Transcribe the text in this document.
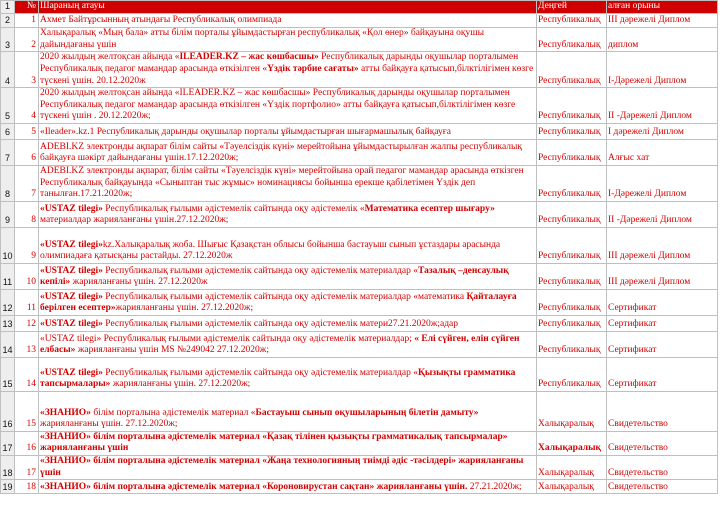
1	№	Шараның атауы	Деңгей	алған орыны
2	1	Ахмет Байтұрсынның атындағы Республикалық олимпиада	Республикалық	ІІІ дәрежелі Диплом
3	2	Халықаралық «Мың бала» атты білім порталы ұйымдастырған республикалық «Қол өнер» байқауына оқушы дайындағаны үшін	Республикалық	диплом
4	3	2020 жылдың желтоқсан айында «ILEADER.KZ – жас көшбасшы» Республикалық дарынды оқушылар порталымен Республикалық педагог мамандар арасында өткізілген «Үздік тәрбие сағаты» атты байқауға қатысып,білктілігімен көзге түскені үшін. 20.12.2020ж	Республикалық	І-Дәрежелі Диплом
5	4	2020 жылдың желтоқсан айында «ILEADER.KZ – жас көшбасшы» Республикалық дарынды оқушылар порталымен Республикалық педагог мамандар арасында өткізілген «Үздік портфолио» атты байқауға қатысып,білктілігімен көзге түскені үшін . 20.12.2020ж;	Республикалық	ІІ -Дәрежелі Диплом
6	5	«Ileader».kz.1 Республикалық дарынды оқушылар порталы ұйымдастырған шығармашылық байқауға	Республикалық	І дәрежелі Диплом
7	6	ADEBI.KZ электронды ақпарат білім сайты «Тәуелсіздік күні» мерейтойына ұйымдастырылған жалпы республикалық байқауға шәкірт дайындағаны үшін.17.12.2020ж;	Республикалық	Алғыс хат
8	7	ADEBI.KZ электронды ақпарат, білім сайты «Тәуелсіздік күні» мерейтойына орай педагог мамандар арасында өткізген Республикалық байқауында «Сыныптан тыс жұмыс» номинациясы бойынша ерекше қабілетімен Үздік деп танылған.17.21.2020ж;	Республикалық	І-Дәрежелі Диплом
9	8	«USTAZ tilegi» Республикалық ғылыми әдістемелік сайтында оқу әдістемелік «Математика есептер шығару» материалдар жарияланғаны үшін.27.12.2020ж;	Республикалық	ІІ -Дәрежелі Диплом
10	9	«USTAZ tilegi»kz.Халықаралық жоба. Шығыс Қазақстан облысы бойынша бастауыш сынып ұстаздары арасында олимпиадаға қатысқаны растайды. 27.12.2020ж	Республикалық	ІІІ дәрежелі Диплом
11	10	«USTAZ tilegi» Республикалық ғылыми әдістемелік сайтында оқу әдістемелік материалдар «Тазалық –денсаулық кепілі» жарияланғаны үшін. 27.12.2020ж	Республикалық	ІІІ дәрежелі Диплом
12	11	«USTAZ tilegi» Республикалық ғылыми әдістемелік сайтында оқу әдістемелік материалдар «математика Қайталауға берілген есептер»жарияланғаны үшін. 27.12.2020ж;	Республикалық	Сертификат
13	12	«USTAZ tilegi» Республикалық ғылыми әдістемелік сайтында оқу әдістемелік матери27.21.2020ж;адар	Республикалық	Сертификат
14	13	«USTAZ tilegi» Республикалық ғылыми әдістемелік сайтында оқу әдістемелік материалдар; « Елі сүйген, елін сүйген елбасы» жарияланғаны үшін MS №249042 27.12.2020ж;	Республикалық	Сертификат
15	14	«USTAZ tilegi» Республикалық ғылыми әдістемелік сайтында оқу әдістемелік материалдар «Қызықты грамматика тапсырмалары» жарияланғаны үшін. 27.12.2020ж;	Республикалық	Сертификат
16	15	«ЗНАНИО» білім порталына әдістемелік материал «Бастауыш сынып оқушыларының білетін дамыту» жарияланғаны үшін. 27.12.2020ж;	Халықаралық	Свидетельство
17	16	«ЗНАНИО» білім порталына әдістемелік материал «Қазақ тілінен қызықты грамматикалық тапсырмалар» жарияланғаны үшін	Халықаралық	Свидетельство
18	17	«ЗНАНИО» білім порталына әдістемелік материал «Жаңа технологияның тиімді әдіс -тәсілдері» жарияланғаны үшін	Халықаралық	Свидетельство
19	18	«ЗНАНИО» білім порталына әдістемелік материал «Короновирустан сақтан» жарияланғаны үшін. 27.21.2020ж;	Халықаралық	Свидетельство
